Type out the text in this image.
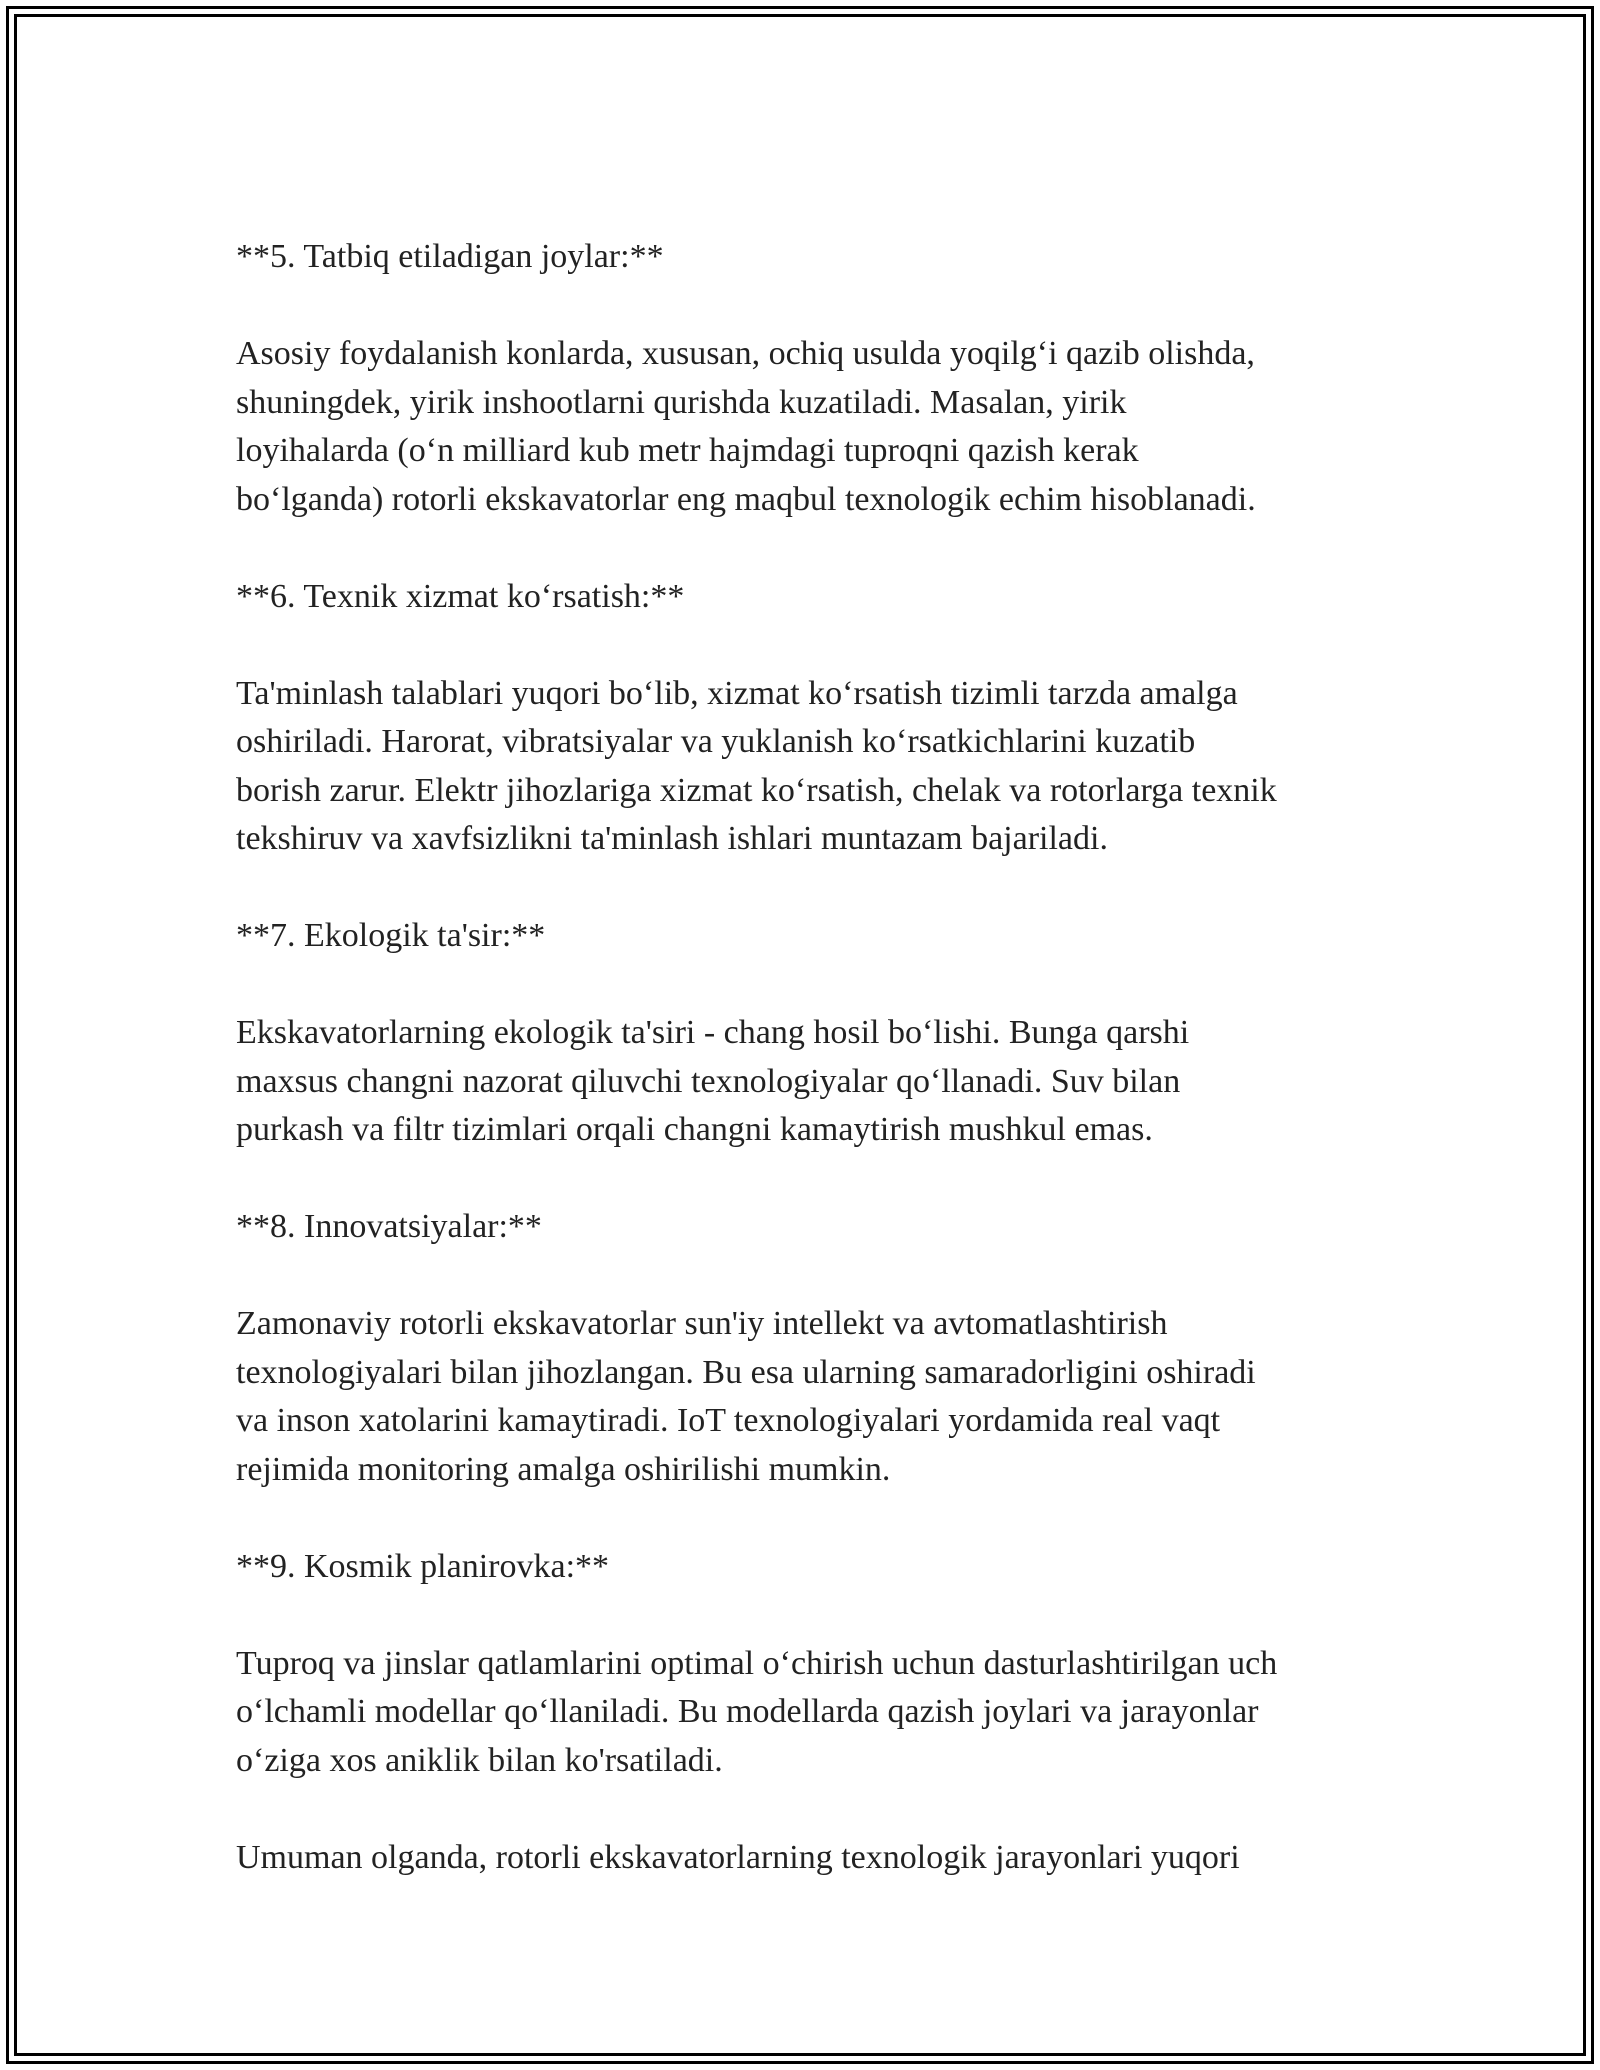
**5. Tatbiq etiladigan joylar:**

Asosiy foydalanish konlarda, xususan, ochiq usulda yoqilg‘i qazib olishda,
shuningdek, yirik inshootlarni qurishda kuzatiladi. Masalan, yirik
loyihalarda (o‘n milliard kub metr hajmdagi tuproqni qazish kerak
bo‘lganda) rotorli ekskavatorlar eng maqbul texnologik echim hisoblanadi.

**6. Texnik xizmat ko‘rsatish:**

Ta'minlash talablari yuqori bo‘lib, xizmat ko‘rsatish tizimli tarzda amalga
oshiriladi. Harorat, vibratsiyalar va yuklanish ko‘rsatkichlarini kuzatib
borish zarur. Elektr jihozlariga xizmat ko‘rsatish, chelak va rotorlarga texnik
tekshiruv va xavfsizlikni ta'minlash ishlari muntazam bajariladi.

**7. Ekologik ta'sir:**

Ekskavatorlarning ekologik ta'siri - chang hosil bo‘lishi. Bunga qarshi
maxsus changni nazorat qiluvchi texnologiyalar qo‘llanadi. Suv bilan
purkash va filtr tizimlari orqali changni kamaytirish mushkul emas.

**8. Innovatsiyalar:**

Zamonaviy rotorli ekskavatorlar sun'iy intellekt va avtomatlashtirish
texnologiyalari bilan jihozlangan. Bu esa ularning samaradorligini oshiradi
va inson xatolarini kamaytiradi. IoT texnologiyalari yordamida real vaqt
rejimida monitoring amalga oshirilishi mumkin.

**9. Kosmik planirovka:**

Tuproq va jinslar qatlamlarini optimal o‘chirish uchun dasturlashtirilgan uch
o‘lchamli modellar qo‘llaniladi. Bu modellarda qazish joylari va jarayonlar
o‘ziga xos aniklik bilan ko'rsatiladi.

Umuman olganda, rotorli ekskavatorlarning texnologik jarayonlari yuqori
